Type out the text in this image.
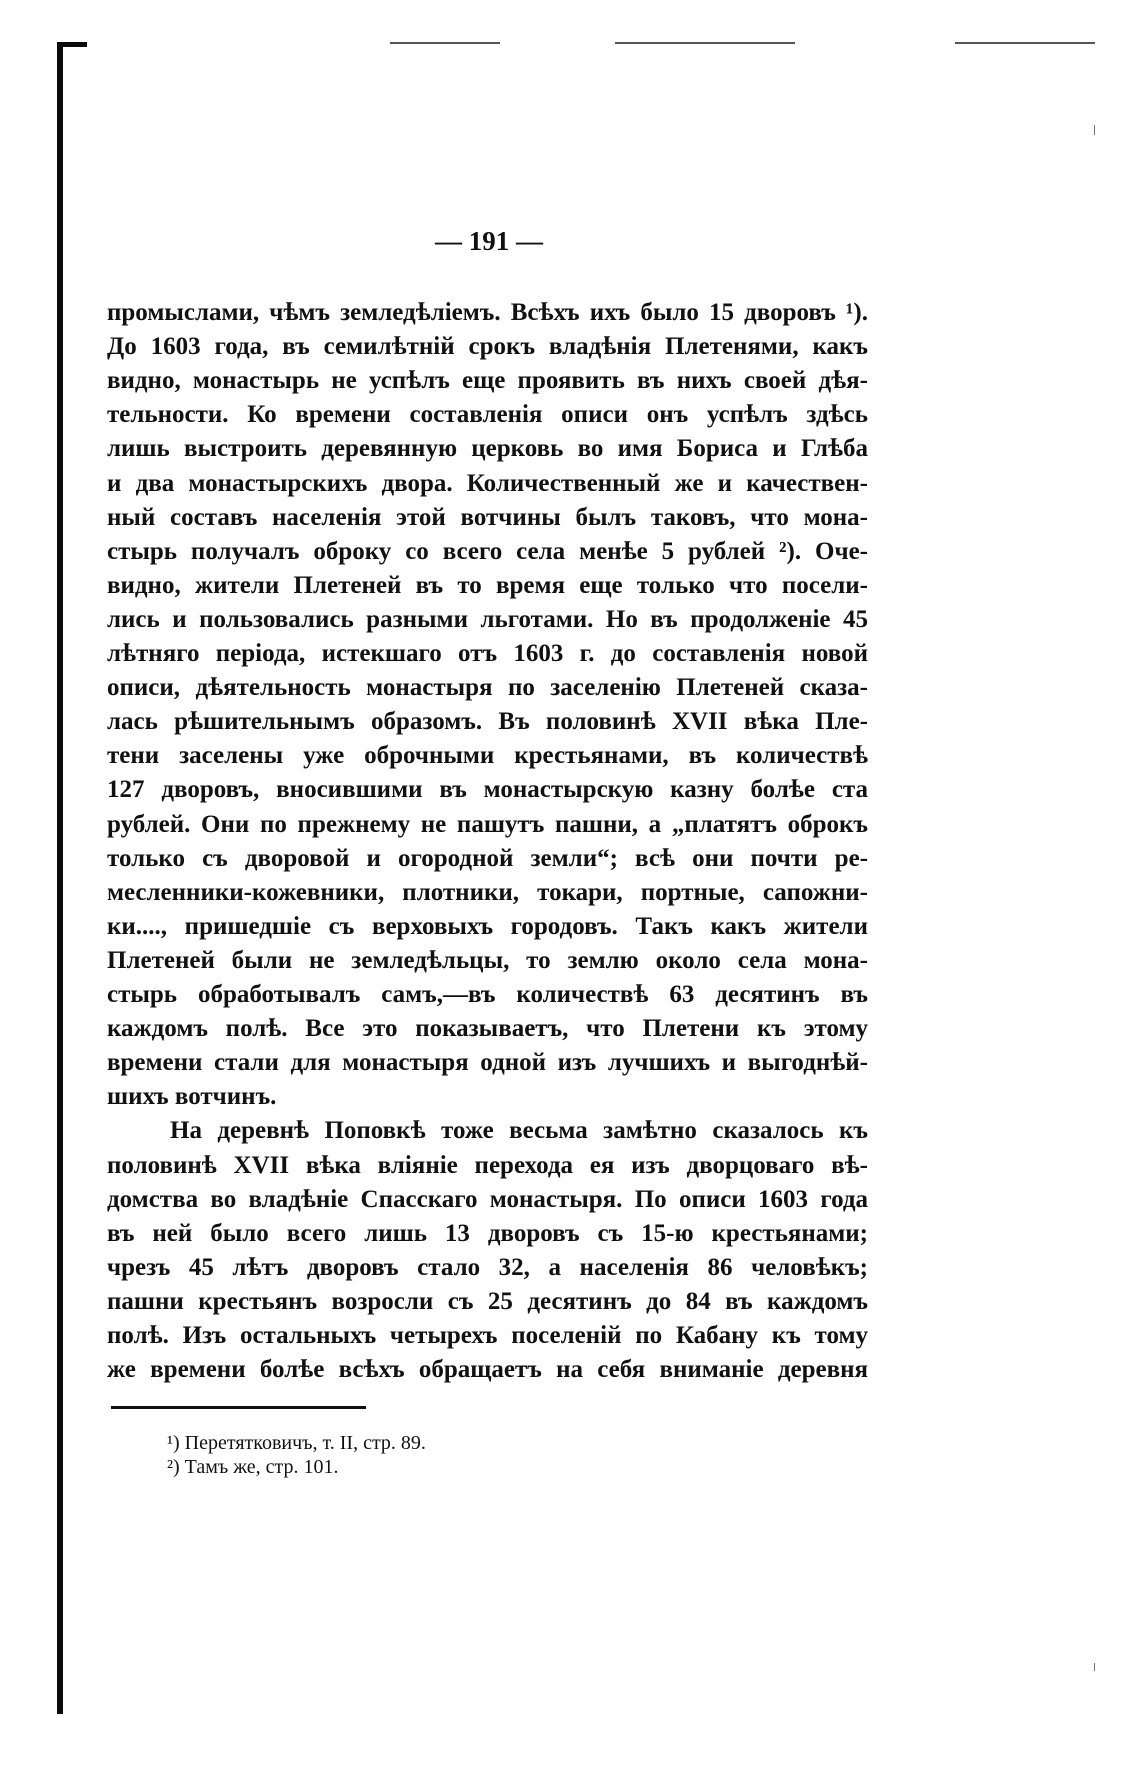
— 191 —
промыслами, чѣмъ земледѣліемъ. Всѣхъ ихъ было 15 дворовъ ¹).
До 1603 года, въ семилѣтній срокъ владѣнія Плетенями, какъ
видно, монастырь не успѣлъ еще проявить въ нихъ своей дѣя-
тельности. Ко времени составленія описи онъ успѣлъ здѣсь
лишь выстроить деревянную церковь во имя Бориса и Глѣба
и два монастырскихъ двора. Количественный же и качествен-
ный составъ населенія этой вотчины былъ таковъ, что мона-
стырь получалъ оброку со всего села менѣе 5 рублей ²). Оче-
видно, жители Плетеней въ то время еще только что посели-
лись и пользовались разными льготами. Но въ продолженіе 45
лѣтняго періода, истекшаго отъ 1603 г. до составленія новой
описи, дѣятельность монастыря по заселенію Плетеней сказа-
лась рѣшительнымъ образомъ. Въ половинѣ XVII вѣка Пле-
тени заселены уже оброчными крестьянами, въ количествѣ
127 дворовъ, вносившими въ монастырскую казну болѣе ста
рублей. Они по прежнему не пашутъ пашни, а „платятъ оброкъ
только съ дворовой и огородной земли“; всѣ они почти ре-
месленники-кожевники, плотники, токари, портные, сапожни-
ки...., пришедшіе съ верховыхъ городовъ. Такъ какъ жители
Плетеней были не земледѣльцы, то землю около села мона-
стырь обработывалъ самъ,—въ количествѣ 63 десятинъ въ
каждомъ полѣ. Все это показываетъ, что Плетени къ этому
времени стали для монастыря одной изъ лучшихъ и выгоднѣй-
шихъ вотчинъ.
На деревнѣ Поповкѣ тоже весьма замѣтно сказалось къ
половинѣ XVII вѣка вліяніе перехода ея изъ дворцоваго вѣ-
домства во владѣніе Спасскаго монастыря. По описи 1603 года
въ ней было всего лишь 13 дворовъ съ 15-ю крестьянами;
чрезъ 45 лѣтъ дворовъ стало 32, а населенія 86 человѣкъ;
пашни крестьянъ возросли съ 25 десятинъ до 84 въ каждомъ
полѣ. Изъ остальныхъ четырехъ поселеній по Кабану къ тому
же времени болѣе всѣхъ обращаетъ на себя вниманіе деревня
¹) Перетятковичъ, т. II, стр. 89.
²) Тамъ же, стр. 101.
